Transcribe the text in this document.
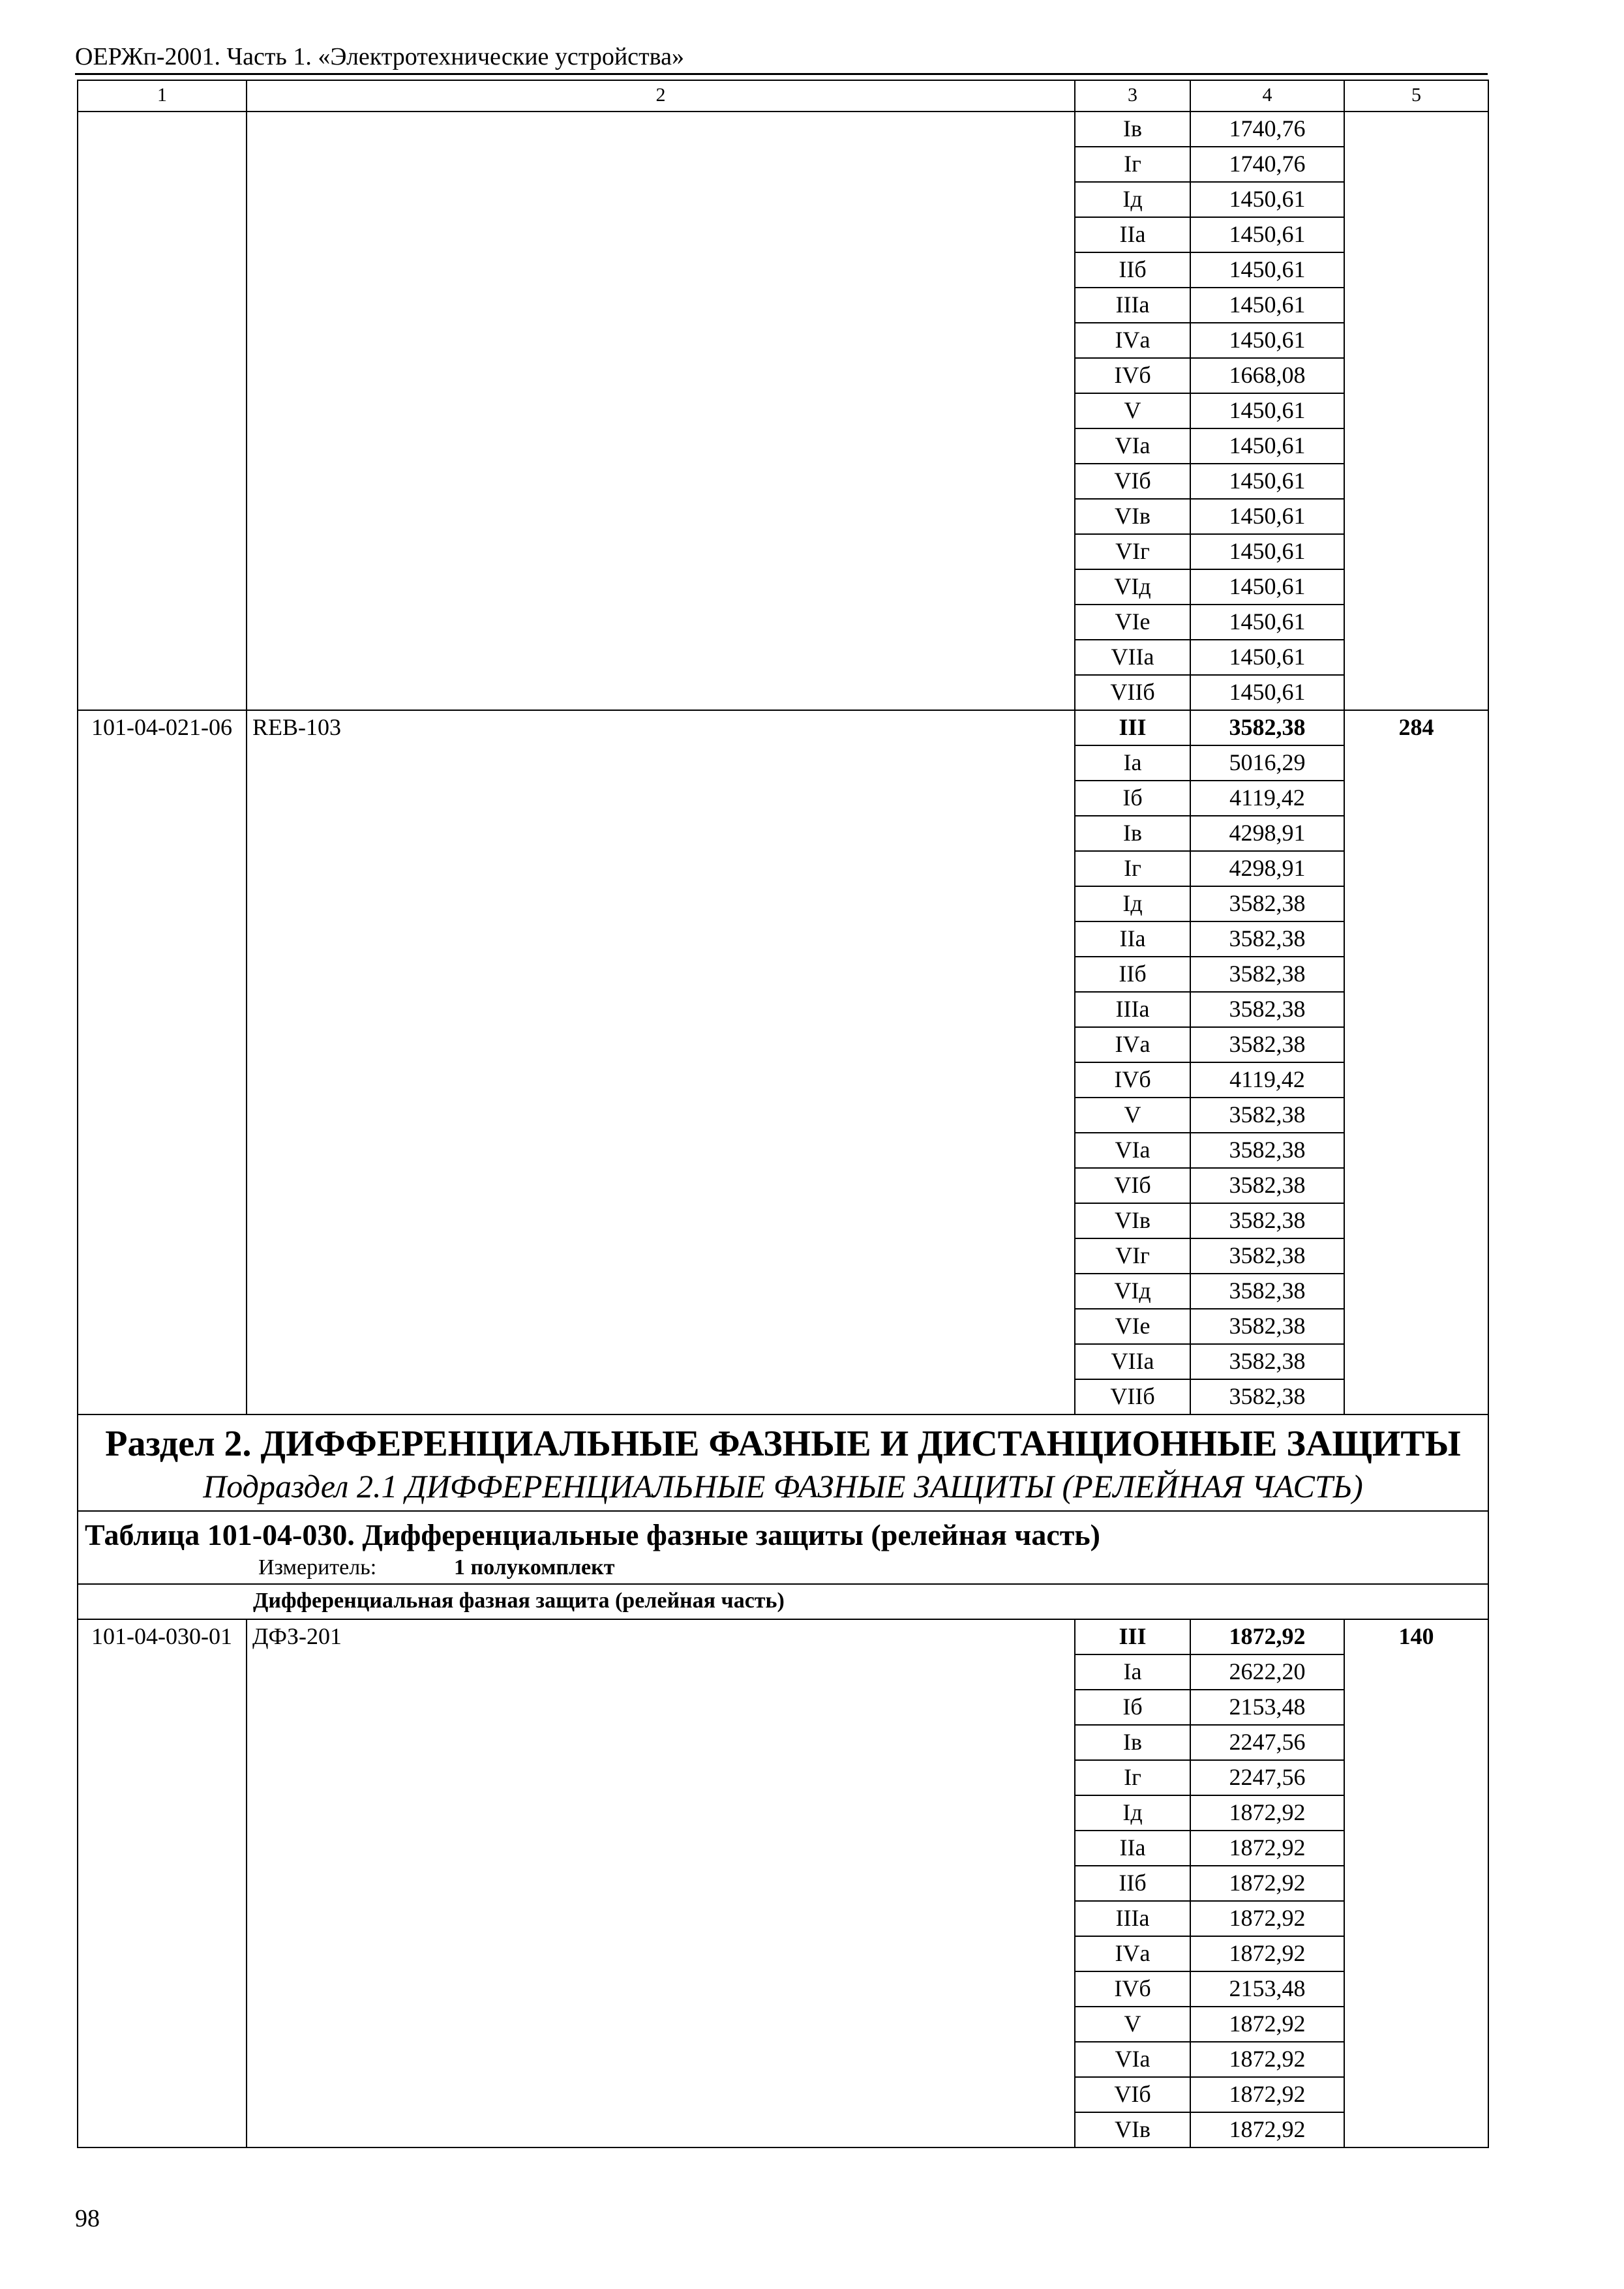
ОЕРЖп-2001. Часть 1. «Электротехнические устройства»
1	2	3	4	5
		Iв	1740,76	
		Iг	1740,76	
		Iд	1450,61	
		IIа	1450,61	
		IIб	1450,61	
		IIIа	1450,61	
		IVа	1450,61	
		IVб	1668,08	
		V	1450,61	
		VIа	1450,61	
		VIб	1450,61	
		VIв	1450,61	
		VIг	1450,61	
		VIд	1450,61	
		VIе	1450,61	
		VIIа	1450,61	
		VIIб	1450,61	
101-04-021-06	REB-103	III	3582,38	284
		Iа	5016,29	
		Iб	4119,42	
		Iв	4298,91	
		Iг	4298,91	
		Iд	3582,38	
		IIа	3582,38	
		IIб	3582,38	
		IIIа	3582,38	
		IVа	3582,38	
		IVб	4119,42	
		V	3582,38	
		VIа	3582,38	
		VIб	3582,38	
		VIв	3582,38	
		VIг	3582,38	
		VIд	3582,38	
		VIе	3582,38	
		VIIа	3582,38	
		VIIб	3582,38	

Раздел 2. ДИФФЕРЕНЦИАЛЬНЫЕ ФАЗНЫЕ И ДИСТАНЦИОННЫЕ ЗАЩИТЫ
Подраздел 2.1 ДИФФЕРЕНЦИАЛЬНЫЕ ФАЗНЫЕ ЗАЩИТЫ (РЕЛЕЙНАЯ ЧАСТЬ)				

Таблица 101-04-030. Дифференциальные фазные защиты (релейная часть)
Измеритель: 1 полукомплект				

Дифференциальная фазная защита (релейная часть)				
101-04-030-01	ДФЗ-201	III	1872,92	140
		Iа	2622,20	
		Iб	2153,48	
		Iв	2247,56	
		Iг	2247,56	
		Iд	1872,92	
		IIа	1872,92	
		IIб	1872,92	
		IIIа	1872,92	
		IVа	1872,92	
		IVб	2153,48	
		V	1872,92	
		VIа	1872,92	
		VIб	1872,92	
		VIв	1872,92	
98
